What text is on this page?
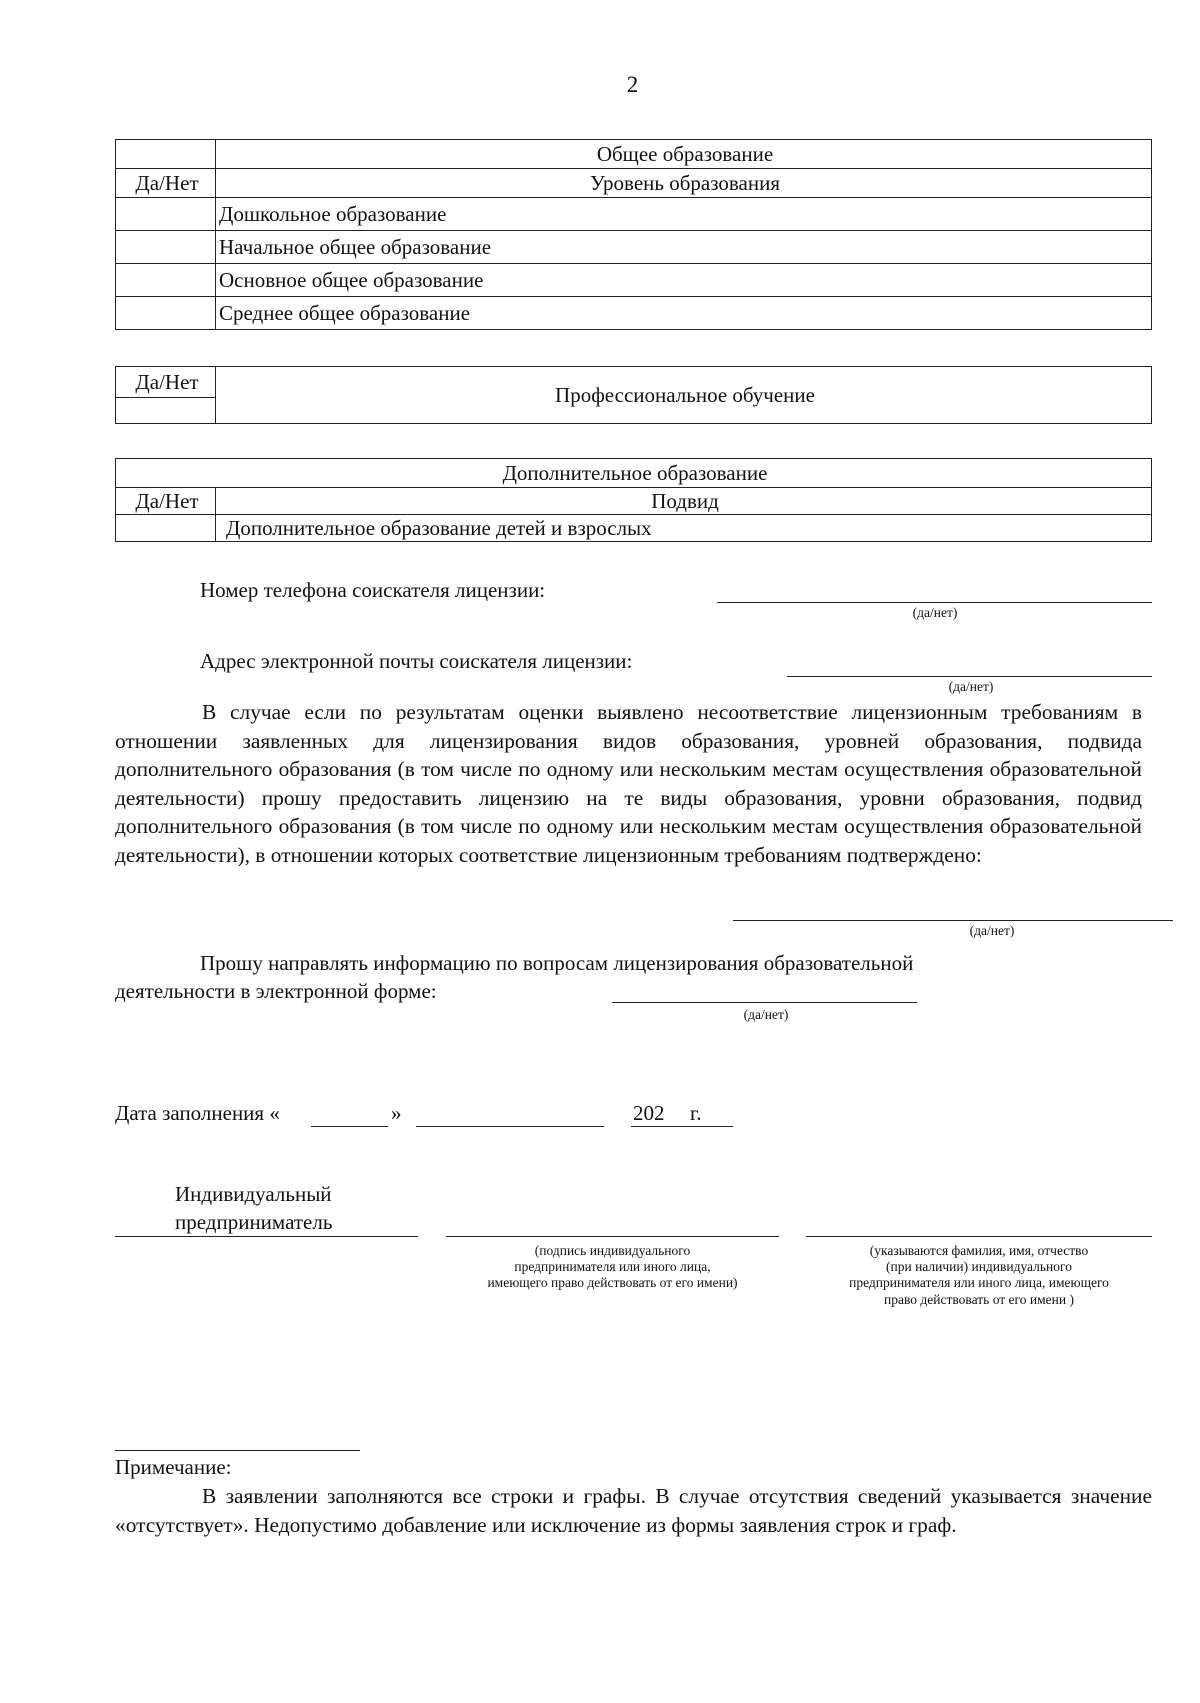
2
	Общее образование
Да/Нет	Уровень образования
	Дошкольное образование
	Начальное общее образование
	Основное общее образование
	Среднее общее образование
Да/Нет	Профессиональное обучение

Дополнительное образование	
Да/Нет	Подвид
	Дополнительное образование детей и взрослых
Номер телефона соискателя лицензии:
(да/нет)
Адрес электронной почты соискателя лицензии:
(да/нет)
В случае если по результатам оценки выявлено несоответствие лицензионным требованиям в отношении заявленных для лицензирования видов образования, уровней образования, подвида дополнительного образования (в том числе по одному или нескольким местам осуществления образовательной деятельности) прошу предоставить лицензию на те виды образования, уровни образования, подвид дополнительного образования (в том числе по одному или нескольким местам осуществления образовательной деятельности), в отношении которых соответствие лицензионным требованиям подтверждено:
(да/нет)
Прошу направлять информацию по вопросам лицензирования образовательной
деятельности в электронной форме:
(да/нет)
Дата заполнения «	»	202 г.
Индивидуальный
предприниматель
(подпись индивидуального
предпринимателя или иного лица,
имеющего право действовать от его имени)
(указываются фамилия, имя, отчество
(при наличии) индивидуального
предпринимателя или иного лица, имеющего
право действовать от его имени )
Примечание:
В заявлении заполняются все строки и графы. В случае отсутствия сведений указывается значение «отсутствует». Недопустимо добавление или исключение из формы заявления строк и граф.
